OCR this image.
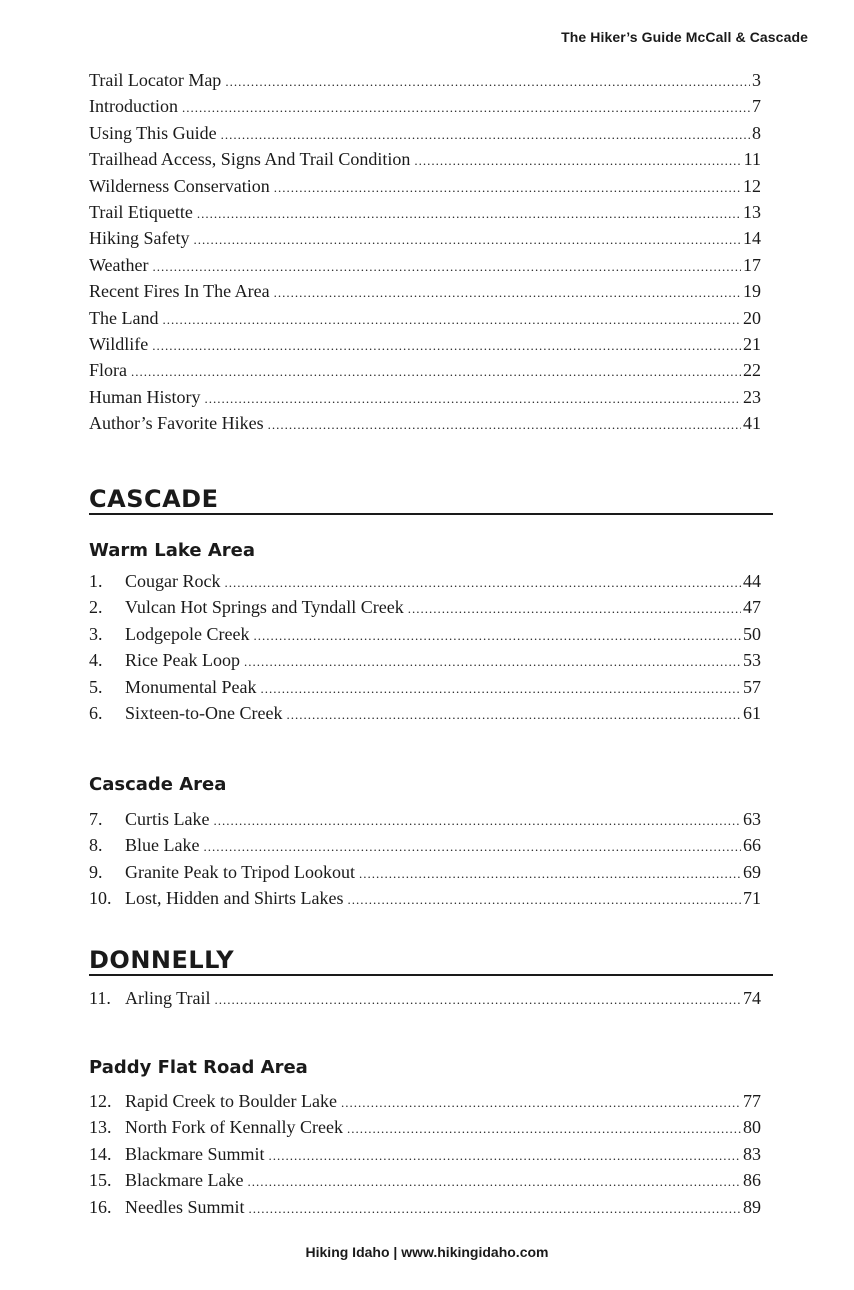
The Hiker’s Guide McCall & Cascade
Trail Locator Map .....	3
Introduction .....	7
Using This Guide .....	8
Trailhead Access, Signs And Trail Condition .....	11
Wilderness Conservation .....	12
Trail Etiquette .....	13
Hiking Safety .....	14
Weather .....	17
Recent Fires In The Area .....	19
The Land .....	20
Wildlife .....	21
Flora .....	22
Human History .....	23
Author’s Favorite Hikes .....	41
CASCADE
Warm Lake Area
1.	Cougar Rock .....	44
2.	Vulcan Hot Springs and Tyndall Creek .....	47
3.	Lodgepole Creek .....	50
4.	Rice Peak Loop .....	53
5.	Monumental Peak .....	57
6.	Sixteen-to-One Creek .....	61
Cascade Area
7.	Curtis Lake .....	63
8.	Blue Lake .....	66
9.	Granite Peak to Tripod Lookout .....	69
10. Lost, Hidden and Shirts Lakes .....	71
DONNELLY
11. Arling Trail .....	74
Paddy Flat Road Area
12. Rapid Creek to Boulder Lake .....	77
13. North Fork of Kennally Creek .....	80
14. Blackmare Summit .....	83
15. Blackmare Lake .....	86
16. Needles Summit .....	89
Hiking Idaho | www.hikingidaho.com
